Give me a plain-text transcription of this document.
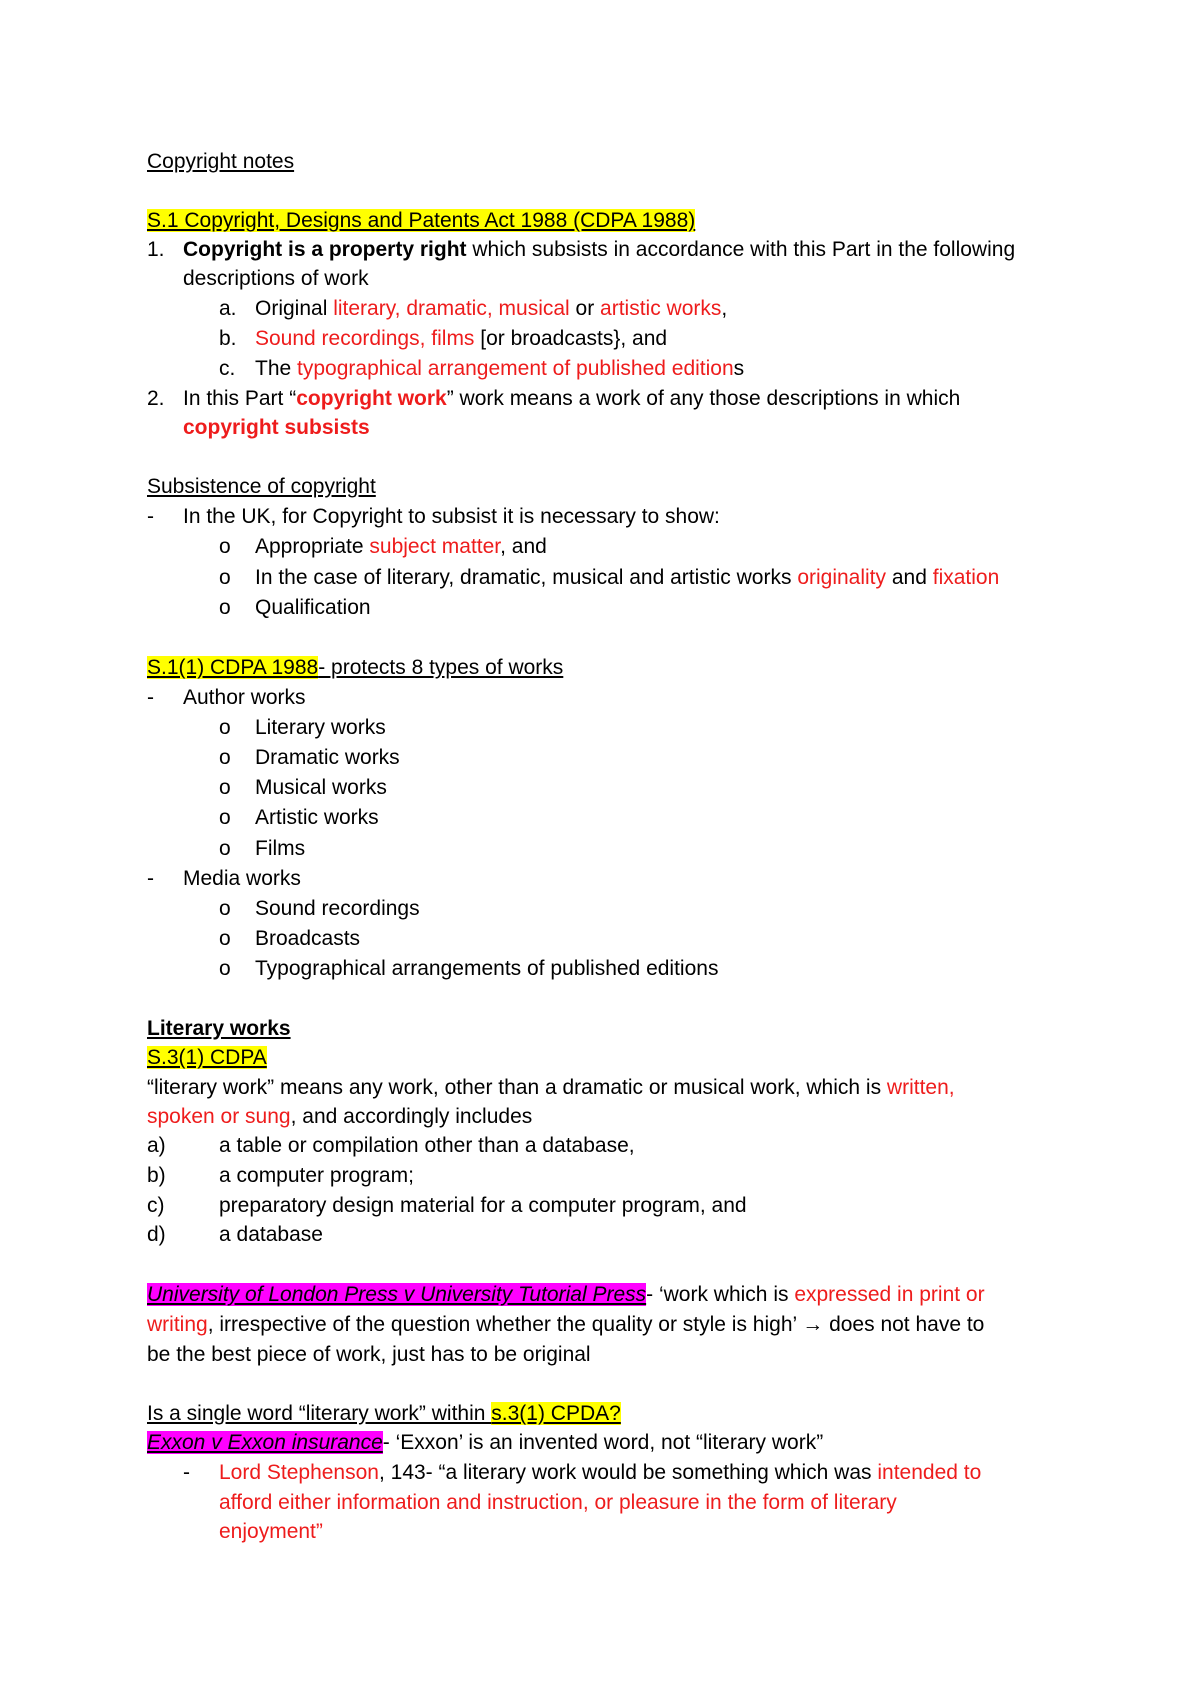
Copyright notes
S.1 Copyright, Designs and Patents Act 1988 (CDPA 1988)
1. Copyright is a property right which subsists in accordance with this Part in the following
descriptions of work
a. Original literary, dramatic, musical or artistic works,
b. Sound recordings, films [or broadcasts}, and
c. The typographical arrangement of published editions
2. In this Part “copyright work” work means a work of any those descriptions in which
copyright subsists
Subsistence of copyright
- In the UK, for Copyright to subsist it is necessary to show:
o Appropriate subject matter, and
o In the case of literary, dramatic, musical and artistic works originality and fixation
o Qualification
S.1(1) CDPA 1988- protects 8 types of works
- Author works
o Literary works
o Dramatic works
o Musical works
o Artistic works
o Films
- Media works
o Sound recordings
o Broadcasts
o Typographical arrangements of published editions
Literary works
S.3(1) CDPA
“literary work” means any work, other than a dramatic or musical work, which is written,
spoken or sung, and accordingly includes
a)	a table or compilation other than a database,
b)	a computer program;
c)	preparatory design material for a computer program, and
d)	a database
University of London Press v University Tutorial Press- ‘work which is expressed in print or
writing, irrespective of the question whether the quality or style is high’ → does not have to
be the best piece of work, just has to be original
Is a single word “literary work” within s.3(1) CPDA?
Exxon v Exxon insurance- ‘Exxon’ is an invented word, not “literary work”
- Lord Stephenson, 143- “a literary work would be something which was intended to
afford either information and instruction, or pleasure in the form of literary
enjoyment”
